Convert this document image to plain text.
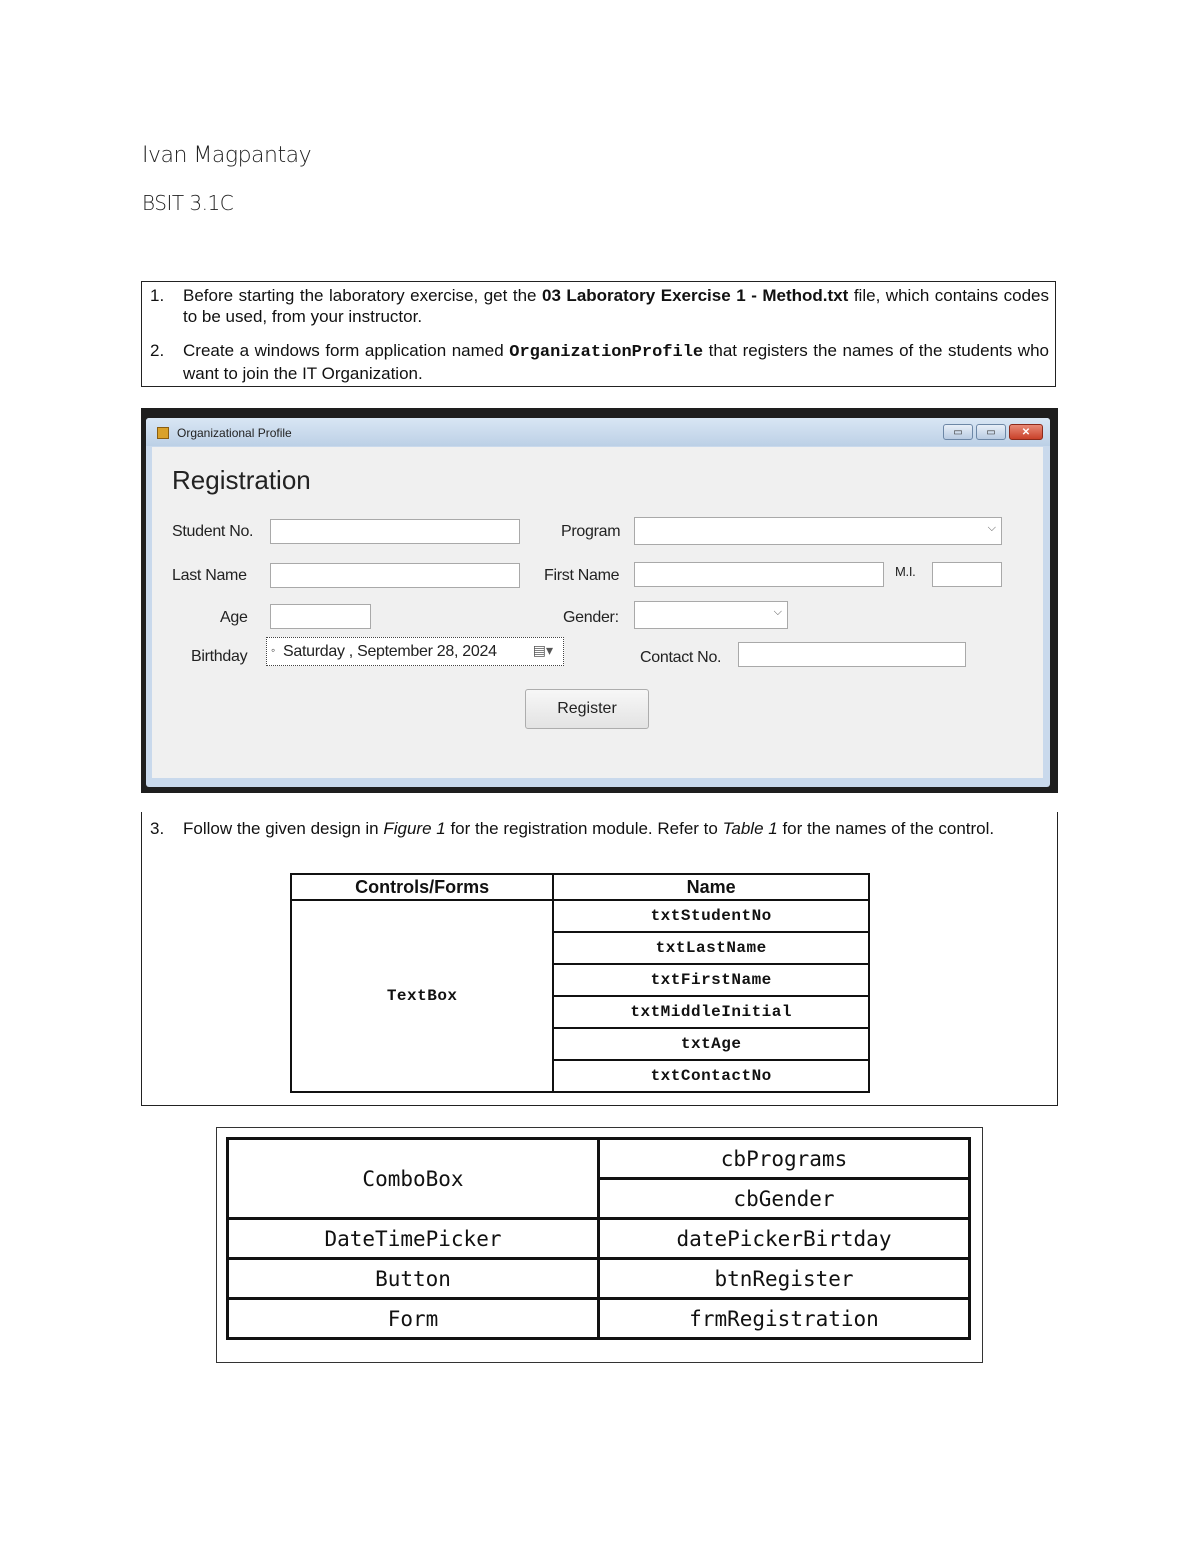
Ivan Magpantay
BSIT 3.1C
1. Before starting the laboratory exercise, get the 03 Laboratory Exercise 1 - Method.txt file, which contains codes to be used, from your instructor.
2. Create a windows form application named OrganizationProfile that registers the names of the students who want to join the IT Organization.
Organizational Profile	▭	▭	✕
Registration
Student No.
Last Name
Age
Birthday ◦ Saturday , September 28, 2024	▤▾
Program	⌵
First Name	M.I.
Gender:	⌵
Contact No.
Register
3. Follow the given design in Figure 1 for the registration module. Refer to Table 1 for the names of the control.
Controls/Forms	Name
TextBox	txtStudentNo
	txtLastName
	txtFirstName
	txtMiddleInitial
	txtAge
	txtContactNo
ComboBox	cbPrograms
	cbGender
DateTimePicker	datePickerBirtday
Button	btnRegister
Form	frmRegistration
